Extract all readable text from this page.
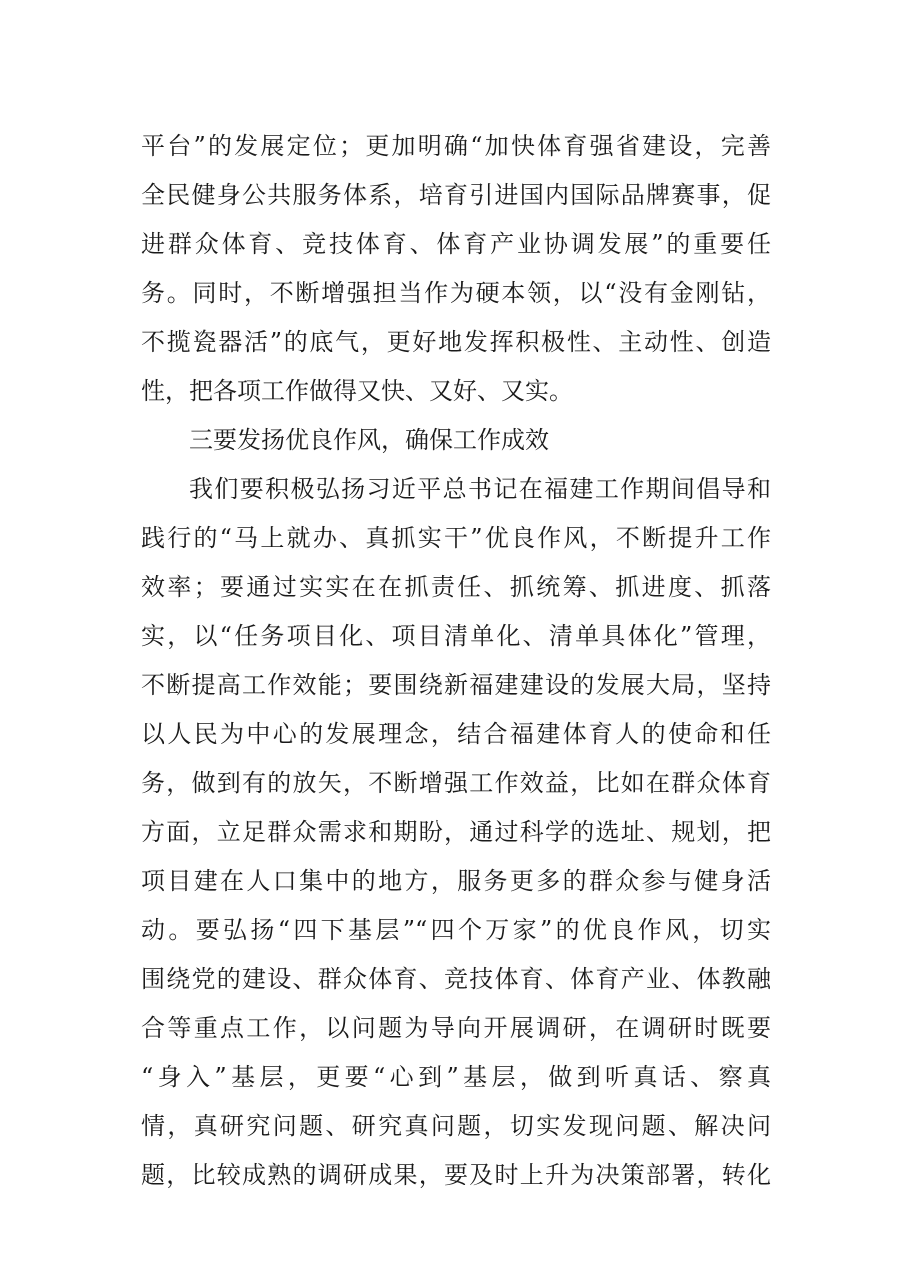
平台”的发展定位；更加明确“加快体育强省建设，完善
全民健身公共服务体系，培育引进国内国际品牌赛事，促
进群众体育、竞技体育、体育产业协调发展”的重要任
务。同时，不断增强担当作为硬本领，以“没有金刚钻，
不揽瓷器活”的底气，更好地发挥积极性、主动性、创造
性，把各项工作做得又快、又好、又实。
三要发扬优良作风，确保工作成效
我们要积极弘扬习近平总书记在福建工作期间倡导和
践行的“马上就办、真抓实干”优良作风，不断提升工作
效率；要通过实实在在抓责任、抓统筹、抓进度、抓落
实，以“任务项目化、项目清单化、清单具体化”管理，
不断提高工作效能；要围绕新福建建设的发展大局，坚持
以人民为中心的发展理念，结合福建体育人的使命和任
务，做到有的放矢，不断增强工作效益，比如在群众体育
方面，立足群众需求和期盼，通过科学的选址、规划，把
项目建在人口集中的地方，服务更多的群众参与健身活
动。要弘扬“四下基层”“四个万家”的优良作风，切实
围绕党的建设、群众体育、竞技体育、体育产业、体教融
合等重点工作，以问题为导向开展调研，在调研时既要
“身入”基层，更要“心到”基层，做到听真话、察真
情，真研究问题、研究真问题，切实发现问题、解决问
题，比较成熟的调研成果，要及时上升为决策部署，转化
